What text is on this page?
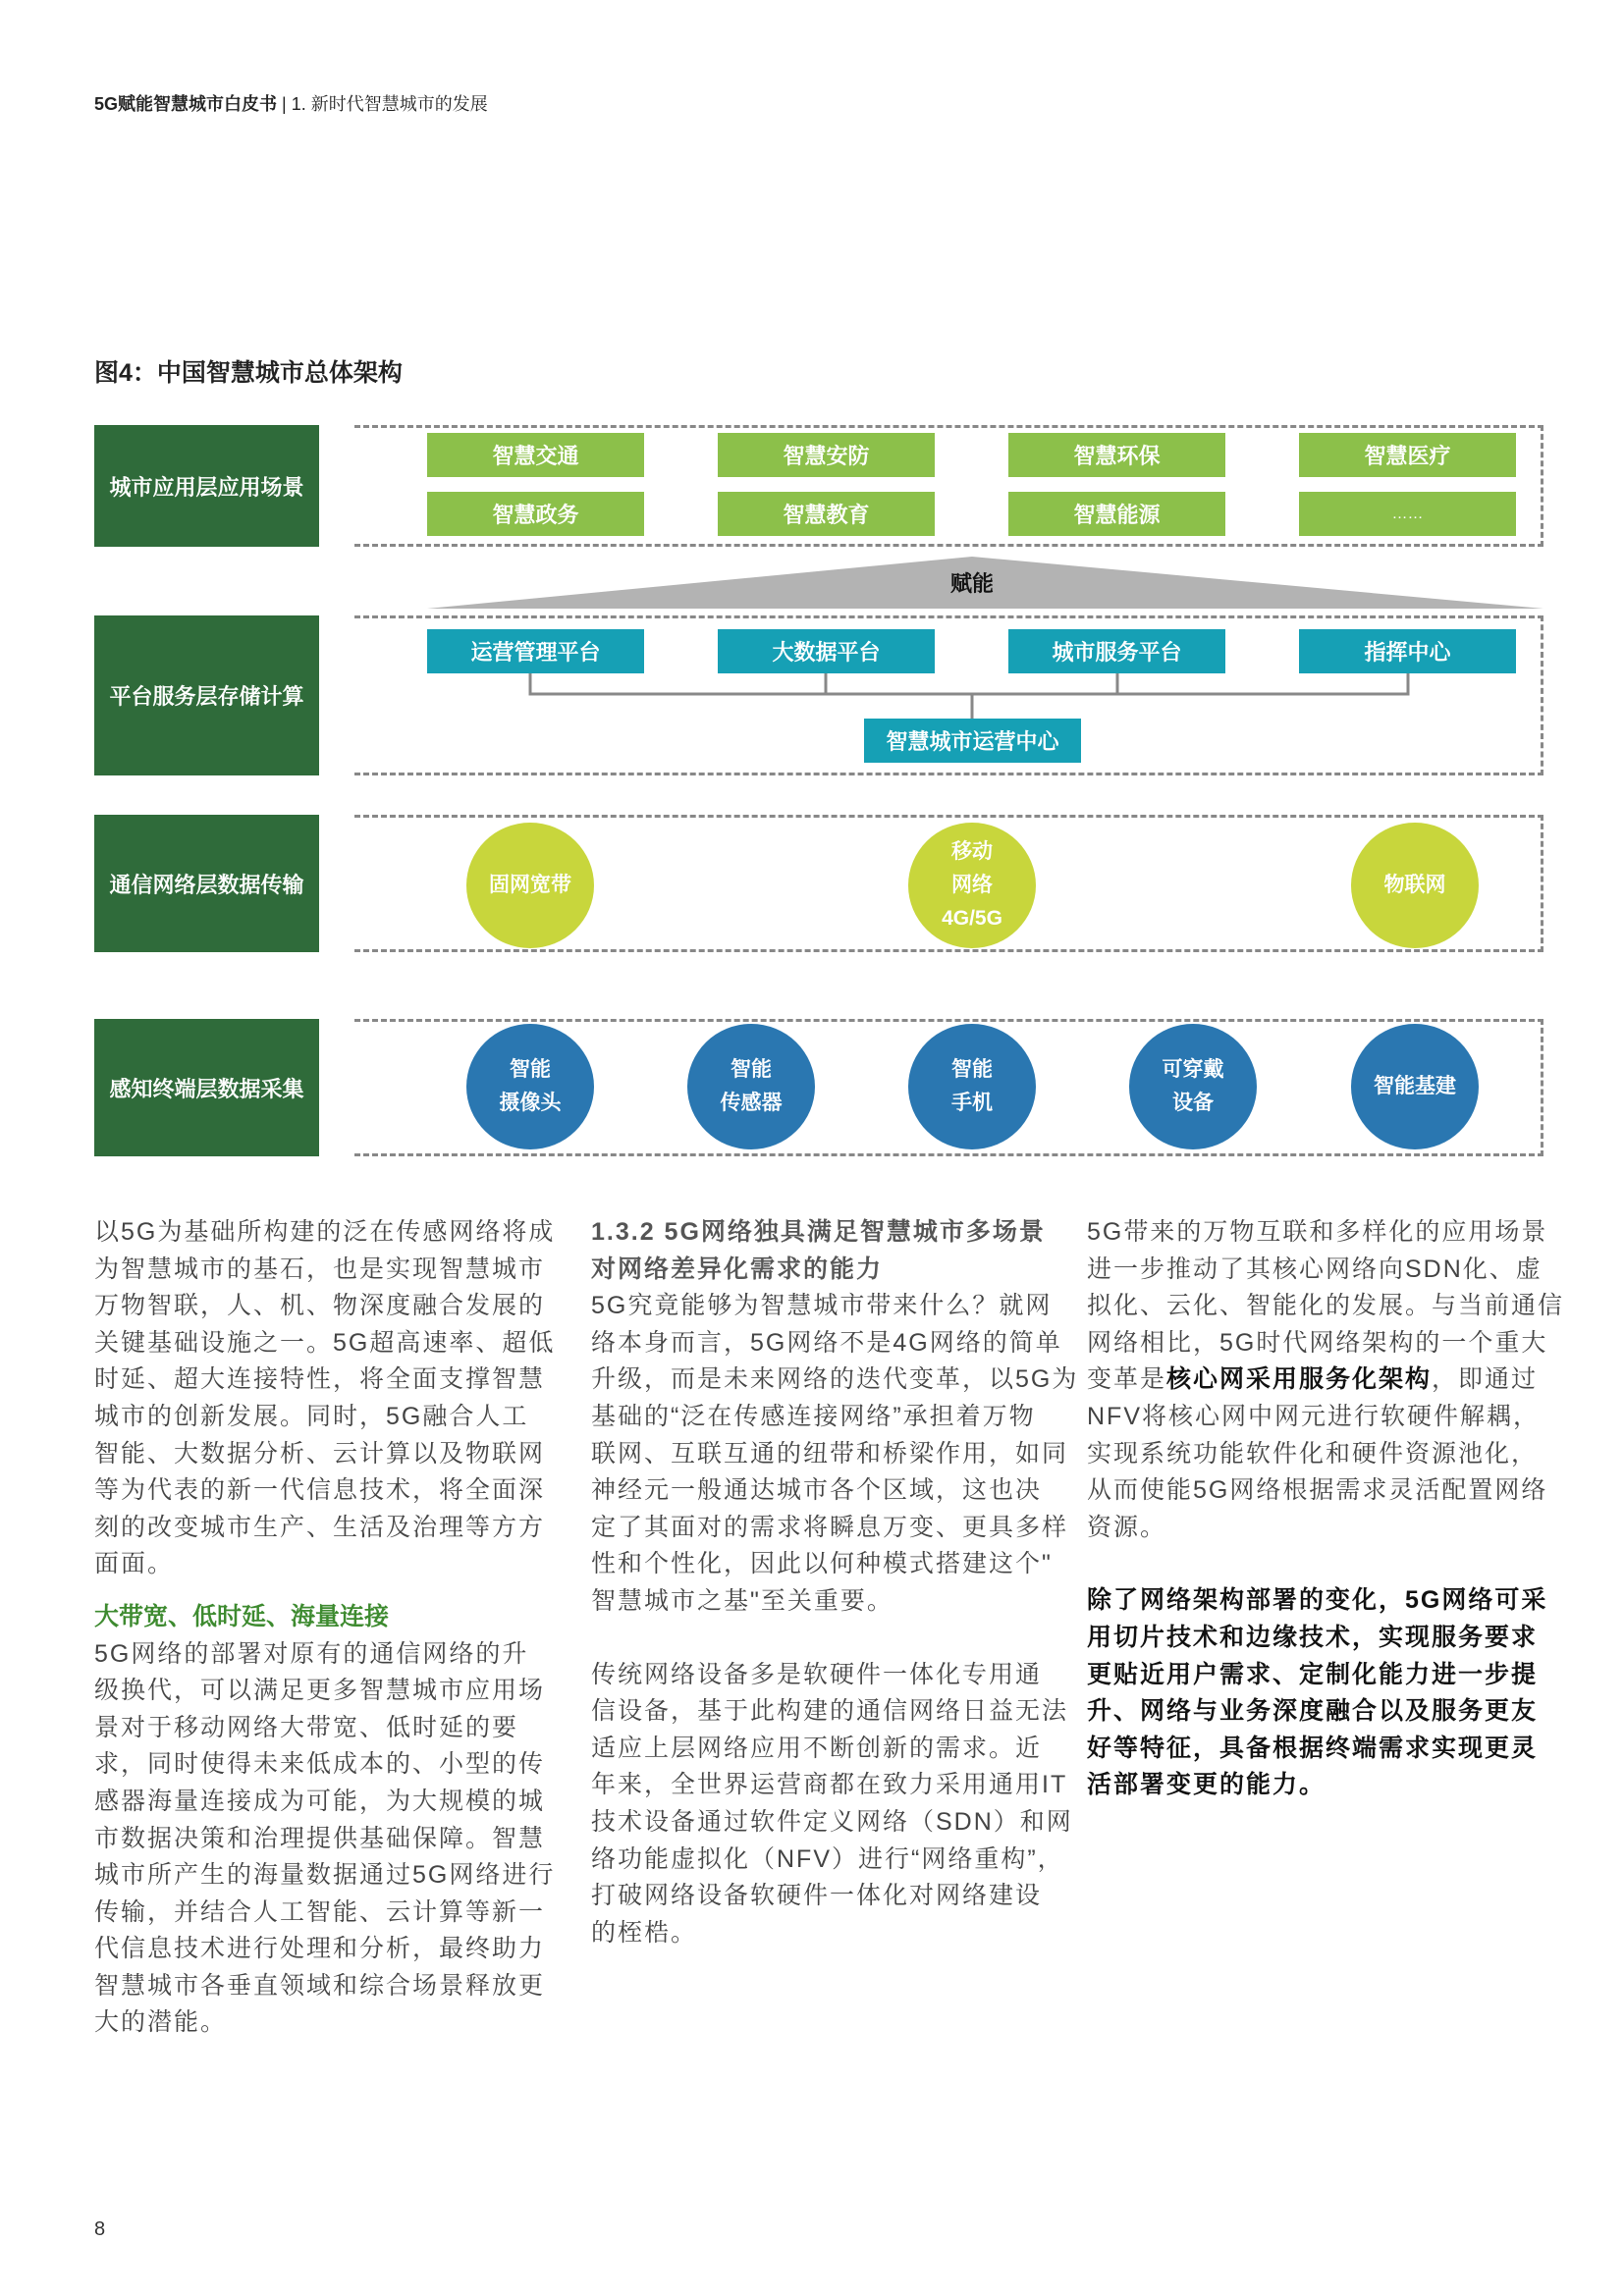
5G赋能智慧城市白皮书 | 1. 新时代智慧城市的发展
图4：中国智慧城市总体架构
城市应用层应用场景
平台服务层存储计算
通信网络层数据传输
感知终端层数据采集
智慧交通	智慧安防	智慧环保	智慧医疗
智慧政务	智慧教育	智慧能源	……
赋能
运营管理平台	大数据平台	城市服务平台	指挥中心
智慧城市运营中心
固网宽带
移动
网络
4G/5G
物联网
智能
摄像头
智能
传感器
智能
手机
可穿戴
设备
智能基建
以5G为基础所构建的泛在传感网络将成
为智慧城市的基石，也是实现智慧城市
万物智联，人、机、物深度融合发展的
关键基础设施之一。5G超高速率、超低
时延、超大连接特性，将全面支撑智慧
城市的创新发展。同时，5G融合人工
智能、大数据分析、云计算以及物联网
等为代表的新一代信息技术，将全面深
刻的改变城市生产、生活及治理等方方
面面。
大带宽、低时延、海量连接
5G网络的部署对原有的通信网络的升
级换代，可以满足更多智慧城市应用场
景对于移动网络大带宽、低时延的要
求，同时使得未来低成本的、小型的传
感器海量连接成为可能，为大规模的城
市数据决策和治理提供基础保障。智慧
城市所产生的海量数据通过5G网络进行
传输，并结合人工智能、云计算等新一
代信息技术进行处理和分析，最终助力
智慧城市各垂直领域和综合场景释放更
大的潜能。
1.3.2 5G网络独具满足智慧城市多场景
对网络差异化需求的能力
5G究竟能够为智慧城市带来什么？就网
络本身而言，5G网络不是4G网络的简单
升级，而是未来网络的迭代变革，以5G为
基础的“泛在传感连接网络”承担着万物
联网、互联互通的纽带和桥梁作用，如同
神经元一般通达城市各个区域，这也决
定了其面对的需求将瞬息万变、更具多样
性和个性化，因此以何种模式搭建这个"
智慧城市之基"至关重要。
传统网络设备多是软硬件一体化专用通
信设备，基于此构建的通信网络日益无法
适应上层网络应用不断创新的需求。近
年来，全世界运营商都在致力采用通用IT
技术设备通过软件定义网络（SDN）和网
络功能虚拟化（NFV）进行“网络重构”，
打破网络设备软硬件一体化对网络建设
的桎梏。
5G带来的万物互联和多样化的应用场景
进一步推动了其核心网络向SDN化、虚
拟化、云化、智能化的发展。与当前通信
网络相比，5G时代网络架构的一个重大
变革是核心网采用服务化架构，即通过
NFV将核心网中网元进行软硬件解耦，
实现系统功能软件化和硬件资源池化，
从而使能5G网络根据需求灵活配置网络
资源。
除了网络架构部署的变化，5G网络可采
用切片技术和边缘技术，实现服务要求
更贴近用户需求、定制化能力进一步提
升、网络与业务深度融合以及服务更友
好等特征，具备根据终端需求实现更灵
活部署变更的能力。
8
